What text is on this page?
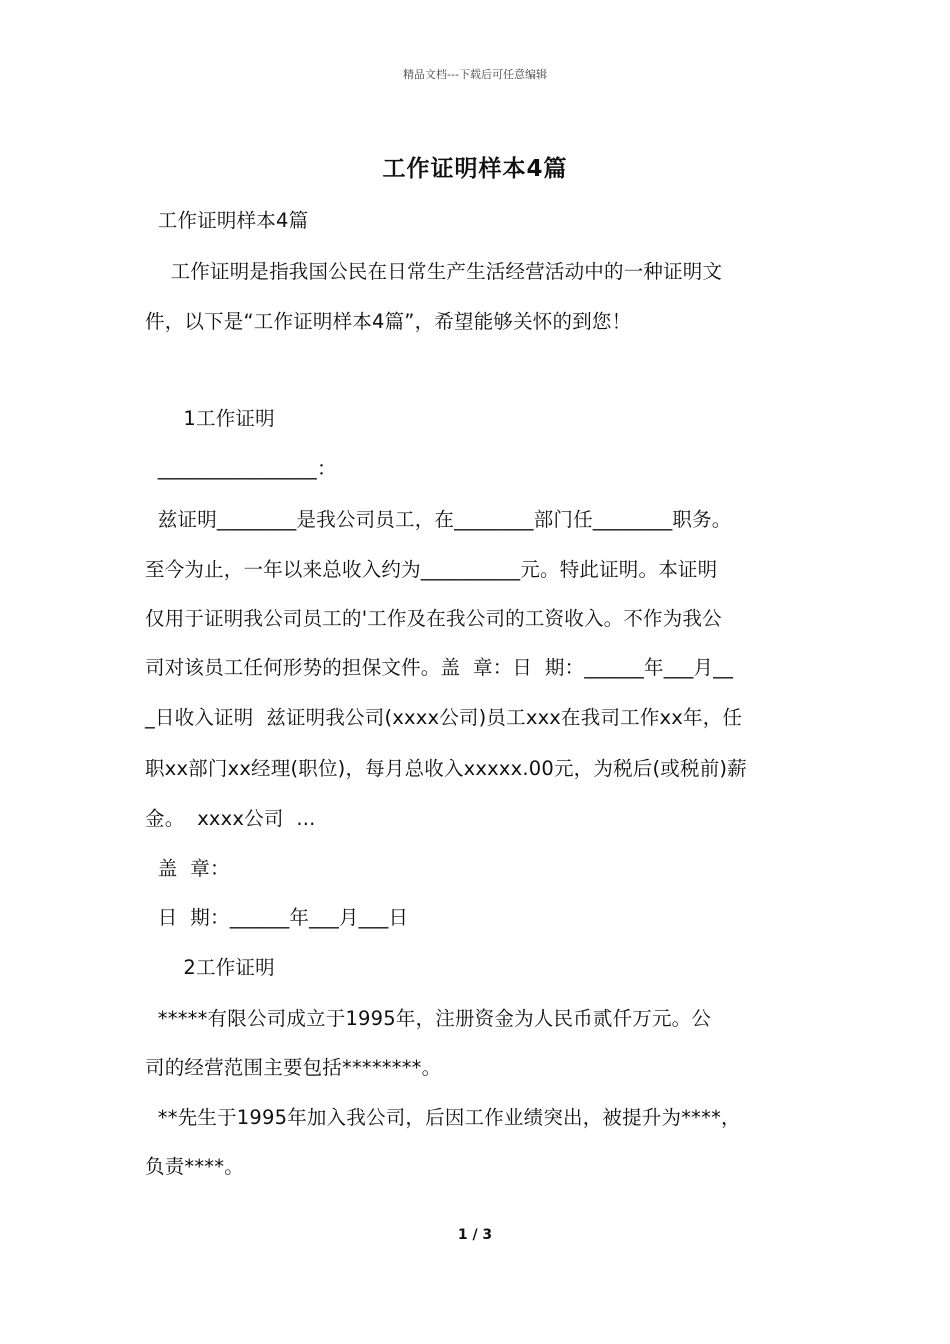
精品文档---下载后可任意编辑
工作证明样本4篇
工作证明样本4篇
工作证明是指我国公民在日常生产生活经营活动中的一种证明文
件，以下是“工作证明样本4篇”，希望能够关怀的到您！
1工作证明
________________：
兹证明________是我公司员工，在________部门任________职务。
至今为止，一年以来总收入约为__________元。特此证明。本证明
仅用于证明我公司员工的'工作及在我公司的工资收入。不作为我公
司对该员工任何形势的担保文件。盖  章：日  期：______年___月__
_日收入证明  兹证明我公司(xxxx公司)员工xxx在我司工作xx年，任
职xx部门xx经理(职位)，每月总收入xxxxx.00元，为税后(或税前)薪
金。  xxxx公司  ...
盖  章：
日  期：______年___月___日
2工作证明
*****有限公司成立于1995年，注册资金为人民币贰仟万元。公
司的经营范围主要包括********。
**先生于1995年加入我公司，后因工作业绩突出，被提升为****，
负责****。
1 / 3
